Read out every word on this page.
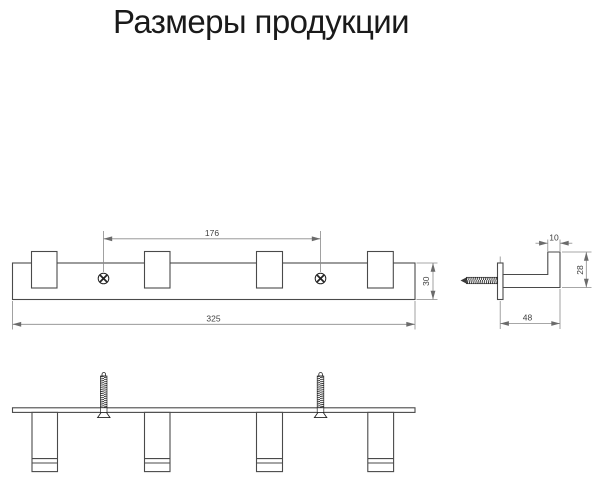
Размеры продукции
176
325
30
10
28
48
